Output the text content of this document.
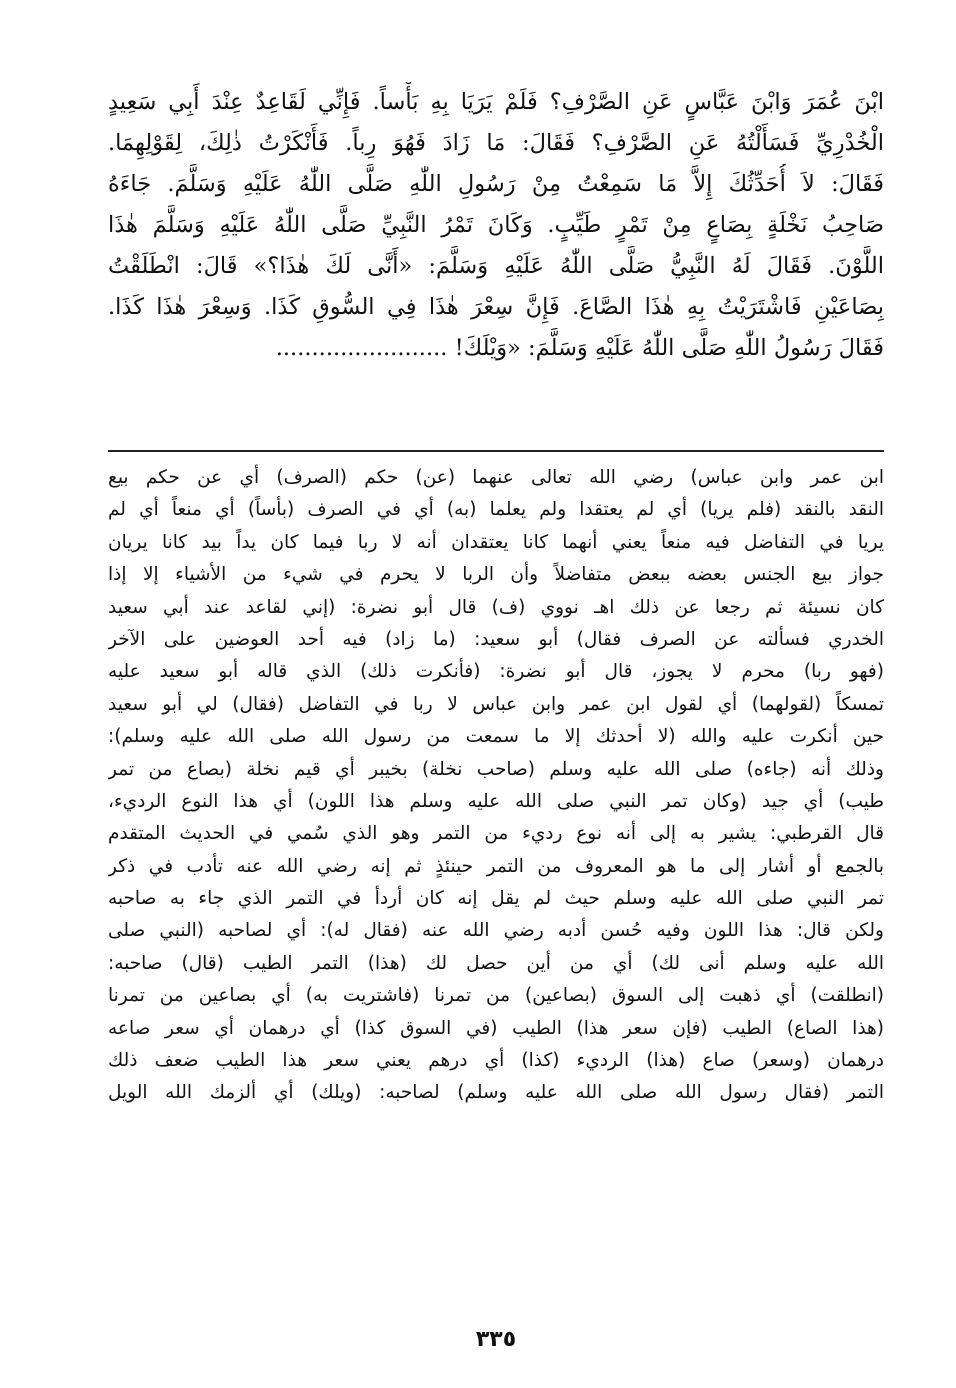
ابْنَ عُمَرَ وَابْنَ عَبَّاسٍ عَنِ الصَّرْفِ؟ فَلَمْ يَرَيَا بِهِ بَأْساً. فَإِنِّي لَقَاعِدٌ عِنْدَ أَبِي سَعِيدٍ
الْخُدْرِيِّ فَسَأَلْتُهُ عَنِ الصَّرْفِ؟ فَقَالَ: مَا زَادَ فَهُوَ رِباً. فَأَنْكَرْتُ ذٰلِكَ، لِقَوْلِهِمَا.
فَقَالَ: لاَ أُحَدِّثُكَ إِلاَّ مَا سَمِعْتُ مِنْ رَسُولِ اللّٰهِ صَلَّى اللّٰهُ عَلَيْهِ وَسَلَّمَ. جَاءَهُ
صَاحِبُ نَخْلَةٍ بِصَاعٍ مِنْ تَمْرٍ طَيِّبٍ. وَكَانَ تَمْرُ النَّبِيِّ صَلَّى اللّٰهُ عَلَيْهِ وَسَلَّمَ هٰذَا
اللَّوْنَ. فَقَالَ لَهُ النَّبِيُّ صَلَّى اللّٰهُ عَلَيْهِ وَسَلَّمَ: «أَنَّى لَكَ هٰذَا؟» قَالَ: انْطَلَقْتُ
بِصَاعَيْنِ فَاشْتَرَيْتُ بِهِ هٰذَا الصَّاعَ. فَإِنَّ سِعْرَ هٰذَا فِي السُّوقِ كَذَا. وَسِعْرَ هٰذَا كَذَا.
فَقَالَ رَسُولُ اللّٰهِ صَلَّى اللّٰهُ عَلَيْهِ وَسَلَّمَ: «وَيْلَكَ! ........................
ابن عمر وابن عباس) رضي الله تعالى عنهما (عن) حكم (الصرف) أي عن حكم بيع
النقد بالنقد (فلم يريا) أي لم يعتقدا ولم يعلما (به) أي في الصرف (بأساً) أي منعاً أي لم
يريا في التفاضل فيه منعاً يعني أنهما كانا يعتقدان أنه لا ربا فيما كان يداً بيد كانا يريان
جواز بيع الجنس بعضه ببعض متفاضلاً وأن الربا لا يحرم في شيء من الأشياء إلا إذا
كان نسيئة ثم رجعا عن ذلك اهـ نووي (ف) قال أبو نضرة: (إني لقاعد عند أبي سعيد
الخدري فسألته عن الصرف فقال) أبو سعيد: (ما زاد) فيه أحد العوضين على الآخر
(فهو ربا) محرم لا يجوز، قال أبو نضرة: (فأنكرت ذلك) الذي قاله أبو سعيد عليه
تمسكاً (لقولهما) أي لقول ابن عمر وابن عباس لا ربا في التفاضل (فقال) لي أبو سعيد
حين أنكرت عليه والله (لا أحدثك إلا ما سمعت من رسول الله صلى الله عليه وسلم):
وذلك أنه (جاءه) صلى الله عليه وسلم (صاحب نخلة) بخيبر أي قيم نخلة (بصاع من تمر
طيب) أي جيد (وكان تمر النبي صلى الله عليه وسلم هذا اللون) أي هذا النوع الرديء،
قال القرطبي: يشير به إلى أنه نوع رديء من التمر وهو الذي سُمي في الحديث المتقدم
بالجمع أو أشار إلى ما هو المعروف من التمر حينئذٍ ثم إنه رضي الله عنه تأدب في ذكر
تمر النبي صلى الله عليه وسلم حيث لم يقل إنه كان أردأ في التمر الذي جاء به صاحبه
ولكن قال: هذا اللون وفيه حُسن أدبه رضي الله عنه (فقال له): أي لصاحبه (النبي صلى
الله عليه وسلم أنى لك) أي من أين حصل لك (هذا) التمر الطيب (قال) صاحبه:
(انطلقت) أي ذهبت إلى السوق (بصاعين) من تمرنا (فاشتريت به) أي بصاعين من تمرنا
(هذا الصاع) الطيب (فإن سعر هذا) الطيب (في السوق كذا) أي درهمان أي سعر صاعه
درهمان (وسعر) صاع (هذا) الرديء (كذا) أي درهم يعني سعر هذا الطيب ضعف ذلك
التمر (فقال رسول الله صلى الله عليه وسلم) لصاحبه: (ويلك) أي ألزمك الله الويل
٣٣٥
